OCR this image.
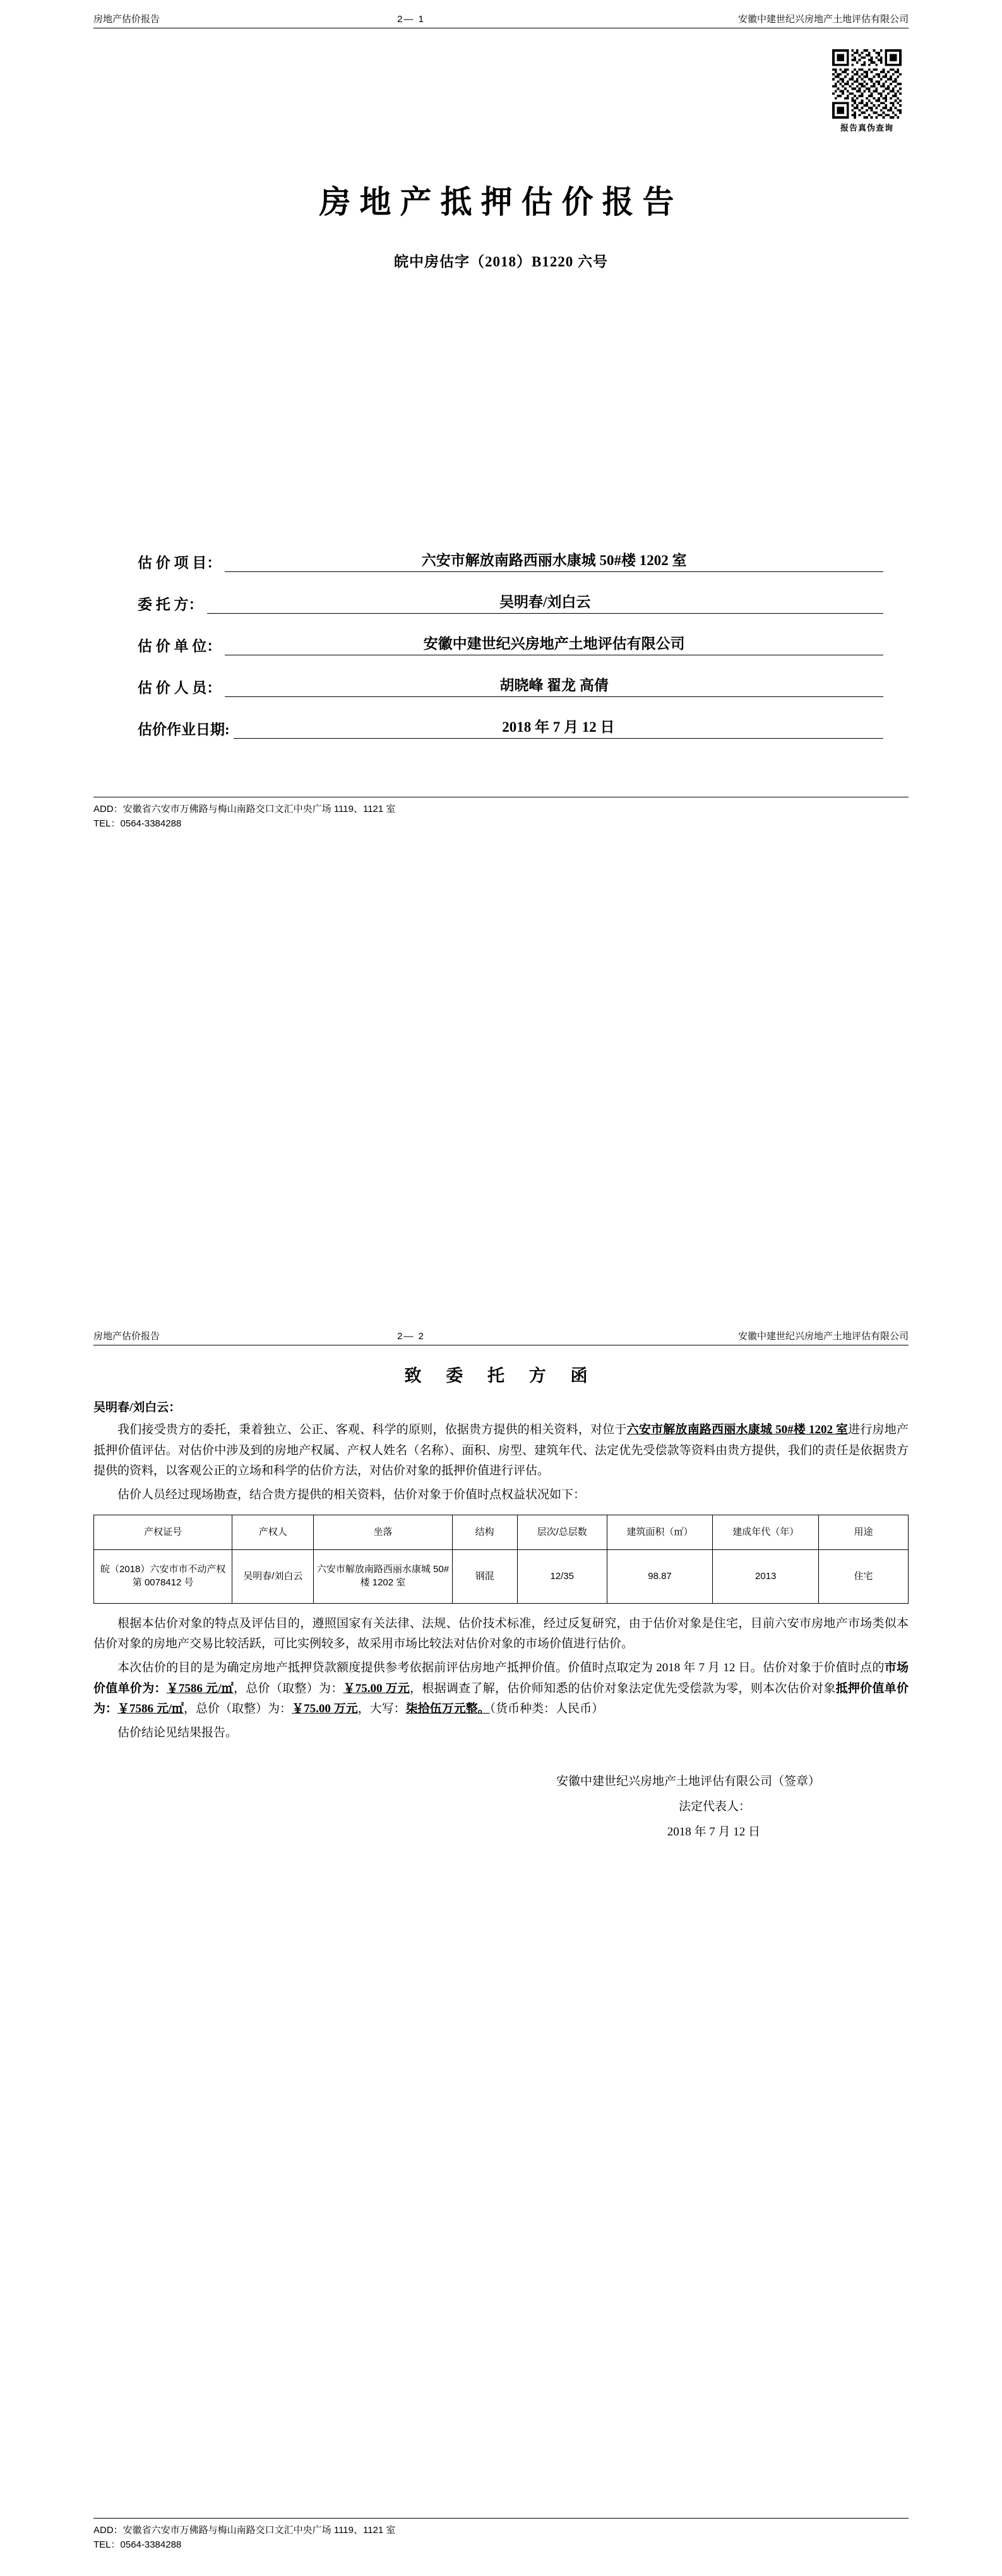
房地产估价报告	2— 1	安徽中建世纪兴房地产土地评估有限公司
报告真伪查询
房地产抵押估价报告
皖中房估字（2018）B1220 六号
估 价 项 目：	六安市解放南路西丽水康城 50#楼 1202 室
委 托 方：	吴明春/刘白云
估 价 单 位：	安徽中建世纪兴房地产土地评估有限公司
估 价 人 员：	胡晓峰 翟龙 高倩
估价作业日期:	2018 年 7 月 12 日
ADD：安徽省六安市万佛路与梅山南路交口文汇中央广场 1119、1121 室
TEL：0564-3384288
房地产估价报告	2— 2	安徽中建世纪兴房地产土地评估有限公司
致 委 托 方 函
吴明春/刘白云：

我们接受贵方的委托，秉着独立、公正、客观、科学的原则，依据贵方提供的相关资料，对位于六安市解放南路西丽水康城 50#楼 1202 室进行房地产抵押价值评估。对估价中涉及到的房地产权属、产权人姓名（名称）、面积、房型、建筑年代、法定优先受偿款等资料由贵方提供，我们的责任是依据贵方提供的资料，以客观公正的立场和科学的估价方法，对估价对象的抵押价值进行评估。

估价人员经过现场勘查，结合贵方提供的相关资料，估价对象于价值时点权益状况如下：

产权证号	产权人	坐落	结构	层次/总层数	建筑面积（㎡）	建成年代（年）	用途
皖（2018）六安市市不动产权第 0078412 号	吴明春/刘白云	六安市解放南路西丽水康城 50#楼 1202 室	钢混	12/35	98.87	2013	住宅

根据本估价对象的特点及评估目的，遵照国家有关法律、法规、估价技术标准，经过反复研究，由于估价对象是住宅，目前六安市房地产市场类似本估价对象的房地产交易比较活跃，可比实例较多，故采用市场比较法对估价对象的市场价值进行估价。

本次估价的目的是为确定房地产抵押贷款额度提供参考依据前评估房地产抵押价值。价值时点取定为 2018 年 7 月 12 日。估价对象于价值时点的市场价值单价为：￥7586 元/㎡，总价（取整）为：￥75.00 万元，根据调查了解，估价师知悉的估价对象法定优先受偿款为零，则本次估价对象抵押价值单价为：￥7586 元/㎡，总价（取整）为：￥75.00 万元，大写：柒拾伍万元整。（货币种类：人民币）

估价结论见结果报告。

安徽中建世纪兴房地产土地评估有限公司（签章）
法定代表人：
2018 年 7 月 12 日
ADD：安徽省六安市万佛路与梅山南路交口文汇中央广场 1119、1121 室
TEL：0564-3384288
